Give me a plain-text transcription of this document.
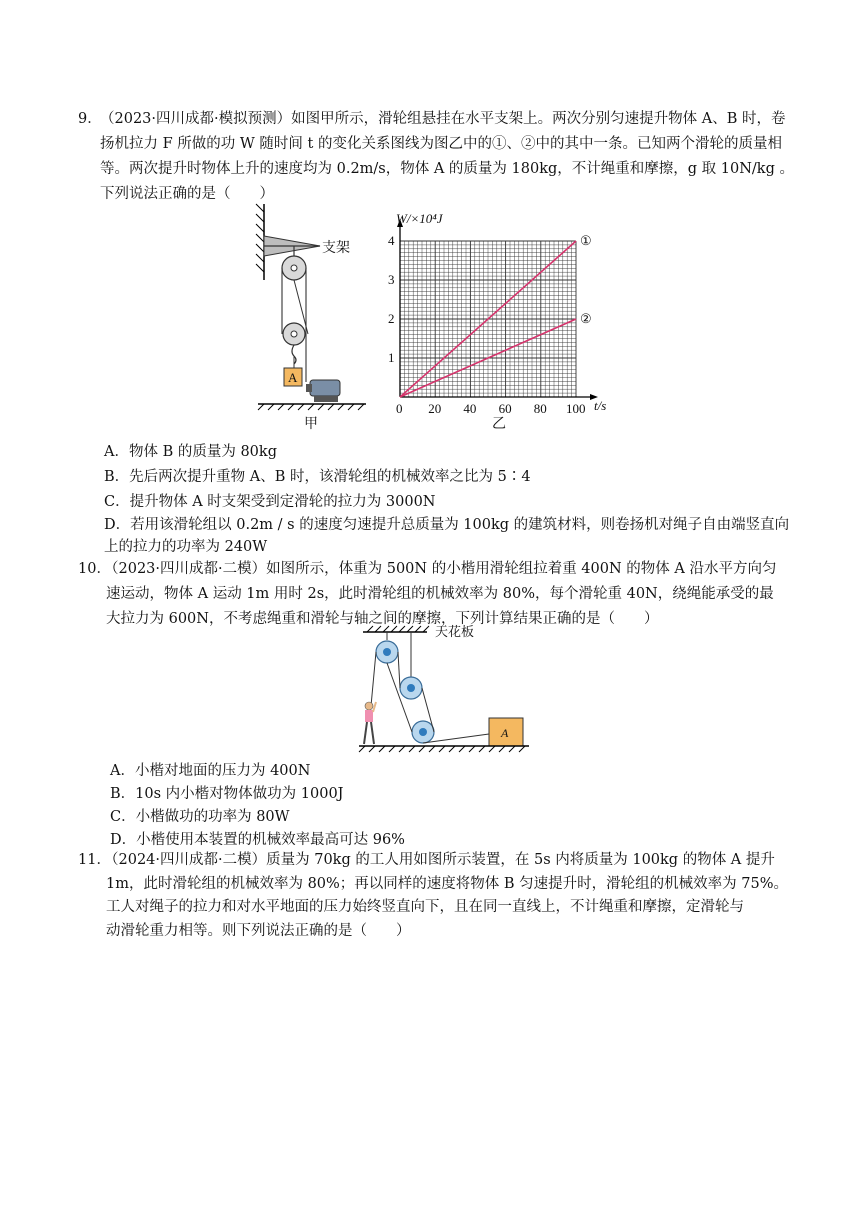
9．
（2023·四川成都·模拟预测）如图甲所示，滑轮组悬挂在水平支架上。两次分别匀速提升物体 A、B 时，卷扬机拉力 F 所做的功 W 随时间 t 的变化关系图线为图乙中的①、②中的其中一条。已知两个滑轮的质量相等。两次提升时物体上升的速度均为 0.2m/s，物体 A 的质量为 180kg，不计绳重和摩擦，g 取 10N/kg 。下列说法正确的是（　　）
支架
A
甲
0 20 40 60 80 100
1
2
3
4	①
②
W/×10⁴J
t/s
乙
A．物体 B 的质量为 80kg
B．先后两次提升重物 A、B 时，该滑轮组的机械效率之比为 5∶4
C．提升物体 A 时支架受到定滑轮的拉力为 3000N
D．若用该滑轮组以 0.2m / s 的速度匀速提升总质量为 100kg 的建筑材料，则卷扬机对绳子自由端竖直向
上的拉力的功率为 240W
10．
（2023·四川成都·二模）如图所示，体重为 500N 的小楷用滑轮组拉着重 400N 的物体 A 沿水平方向匀
速运动，物体 A 运动 1m 用时 2s，此时滑轮组的机械效率为 80%，每个滑轮重 40N，绕绳能承受的最
大拉力为 600N，不考虑绳重和滑轮与轴之间的摩擦，下列计算结果正确的是（　　）
天花板
A
A．小楷对地面的压力为 400N
B．10s 内小楷对物体做功为 1000J
C．小楷做功的功率为 80W
D．小楷使用本装置的机械效率最高可达 96%
11．
（2024·四川成都·二模）质量为 70kg 的工人用如图所示装置，在 5s 内将质量为 100kg 的物体 A 提升
1m，此时滑轮组的机械效率为 80%；再以同样的速度将物体 B 匀速提升时，滑轮组的机械效率为 75%。
工人对绳子的拉力和对水平地面的压力始终竖直向下，且在同一直线上，不计绳重和摩擦，定滑轮与
动滑轮重力相等。则下列说法正确的是（　　）
